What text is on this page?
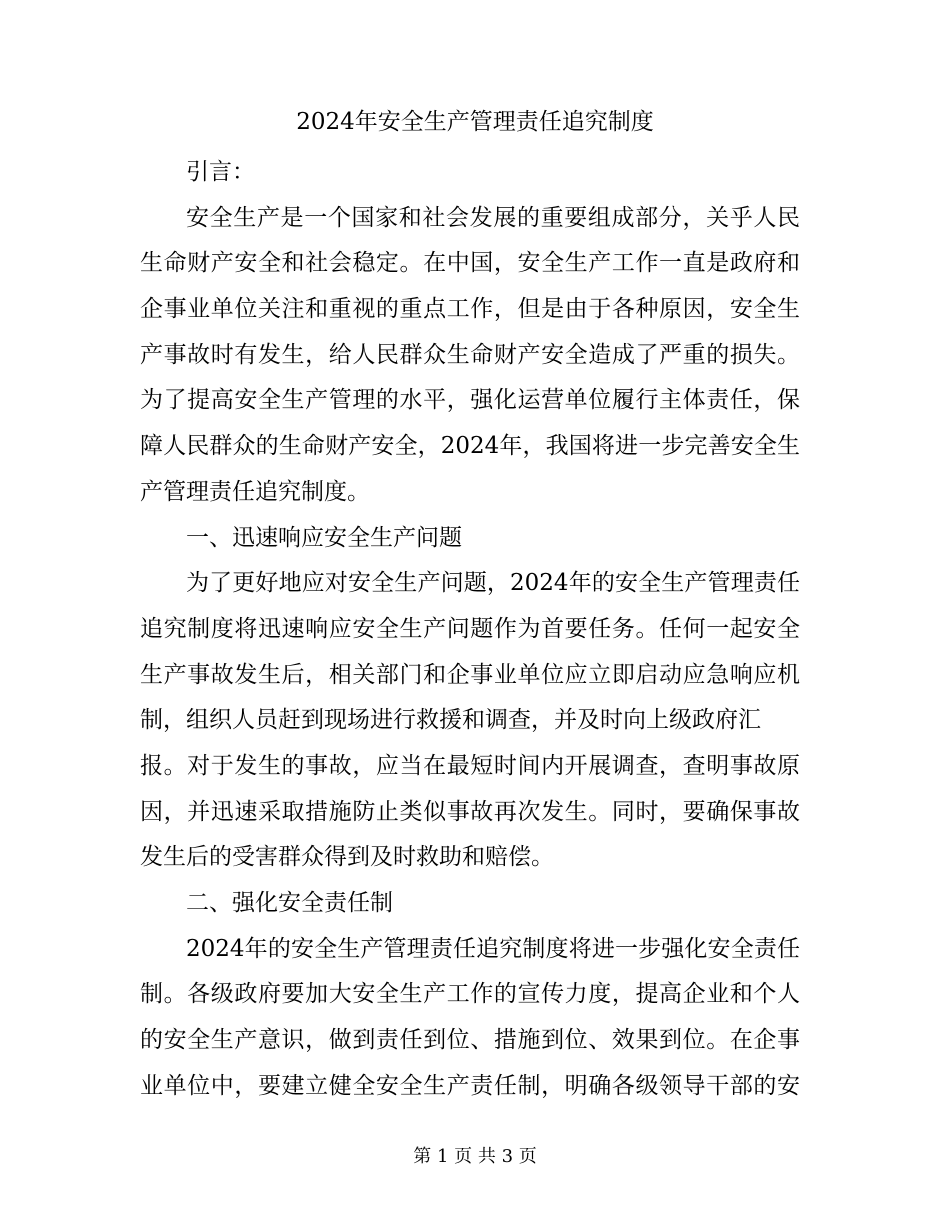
2024年安全生产管理责任追究制度
引言：
安全生产是一个国家和社会发展的重要组成部分，关乎人民
生命财产安全和社会稳定。在中国，安全生产工作一直是政府和
企事业单位关注和重视的重点工作，但是由于各种原因，安全生
产事故时有发生，给人民群众生命财产安全造成了严重的损失。
为了提高安全生产管理的水平，强化运营单位履行主体责任，保
障人民群众的生命财产安全，2024年，我国将进一步完善安全生
产管理责任追究制度。
一、迅速响应安全生产问题
为了更好地应对安全生产问题，2024年的安全生产管理责任
追究制度将迅速响应安全生产问题作为首要任务。任何一起安全
生产事故发生后，相关部门和企事业单位应立即启动应急响应机
制，组织人员赶到现场进行救援和调查，并及时向上级政府汇
报。对于发生的事故，应当在最短时间内开展调查，查明事故原
因，并迅速采取措施防止类似事故再次发生。同时，要确保事故
发生后的受害群众得到及时救助和赔偿。
二、强化安全责任制
2024年的安全生产管理责任追究制度将进一步强化安全责任
制。各级政府要加大安全生产工作的宣传力度，提高企业和个人
的安全生产意识，做到责任到位、措施到位、效果到位。在企事
业单位中，要建立健全安全生产责任制，明确各级领导干部的安
第 1 页 共 3 页
